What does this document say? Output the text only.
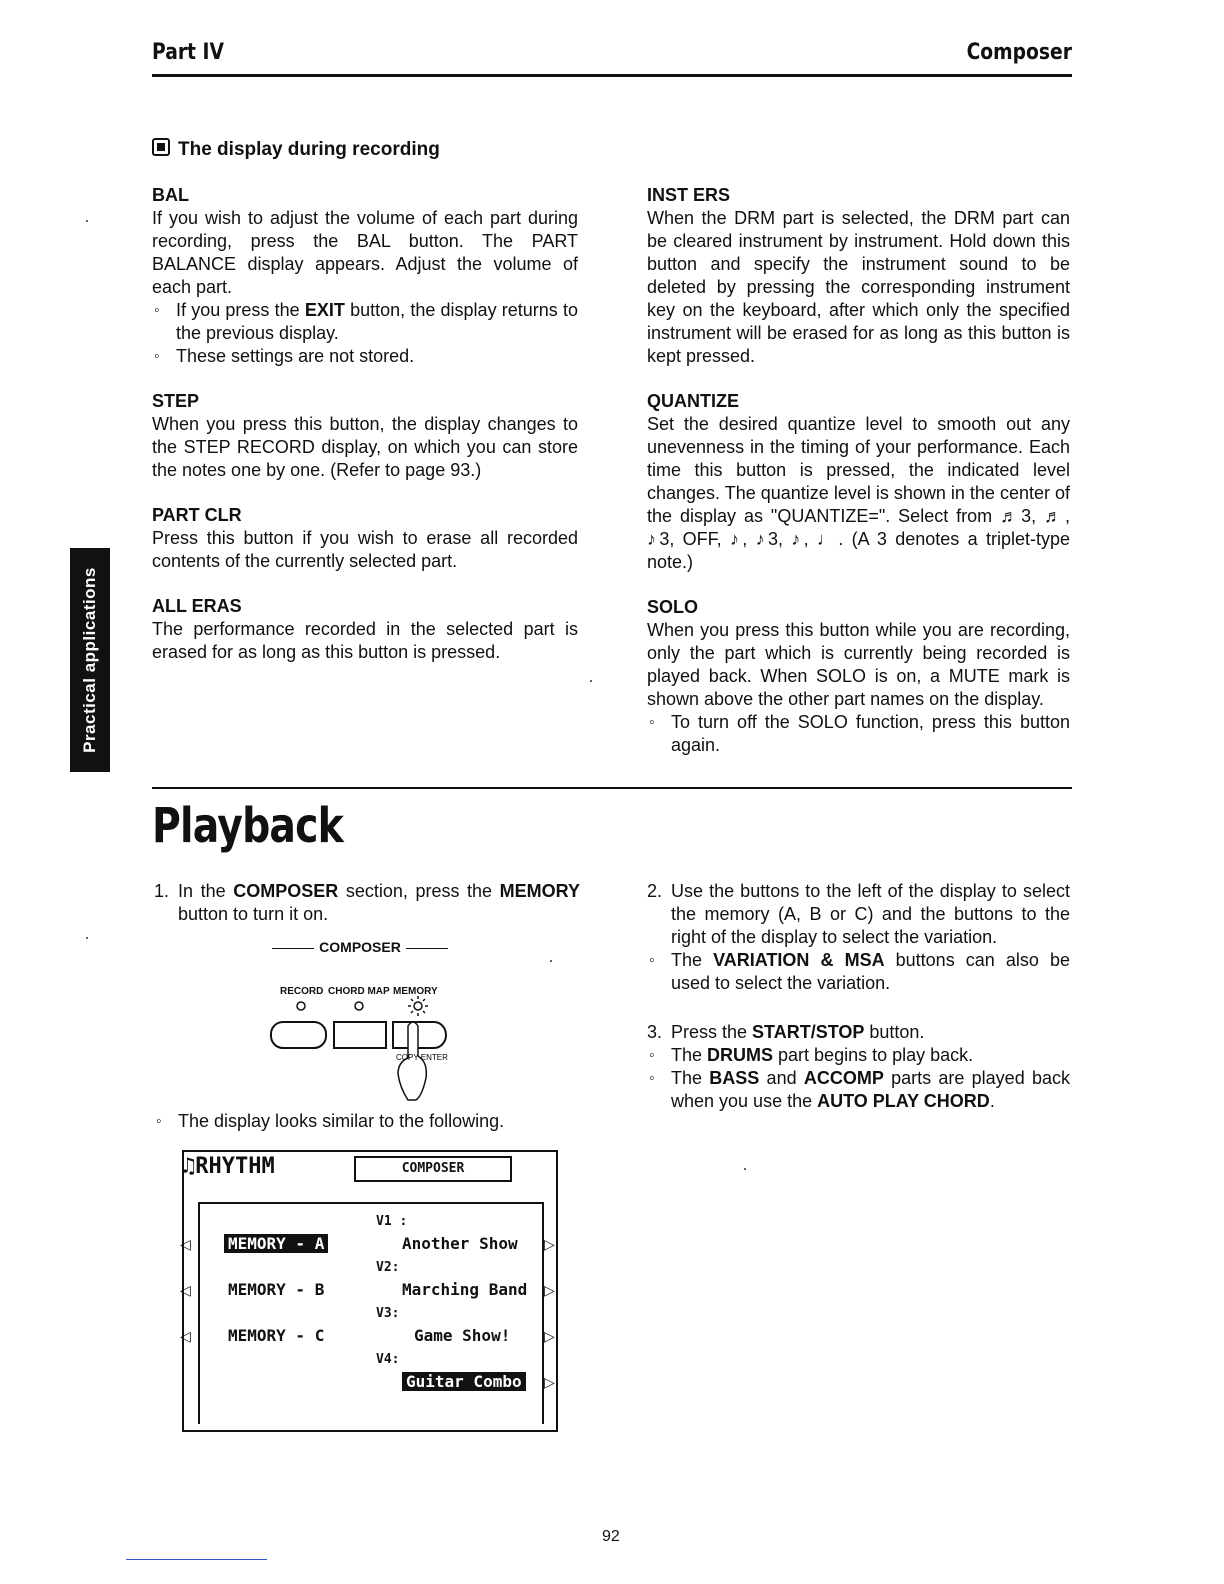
Part IV	Composer
Practical applications
The display during recording

BAL

If you wish to adjust the volume of each part during recording, press the BAL button. The PART BALANCE display appears. Adjust the volume of each part.

◦ If you press the EXIT button, the display returns to the previous display.

◦ These settings are not stored.

STEP

When you press this button, the display changes to the STEP RECORD display, on which you can store the notes one by one. (Refer to page 93.)

PART CLR

Press this button if you wish to erase all recorded contents of the currently selected part.

ALL ERAS

The performance recorded in the selected part is erased for as long as this button is pressed.

INST ERS

When the DRM part is selected, the DRM part can be cleared instrument by instrument. Hold down this button and specify the instrument sound to be deleted by pressing the corresponding instrument key on the keyboard, after which only the specified instrument will be erased for as long as this button is kept pressed.

QUANTIZE

Set the desired quantize level to smooth out any unevenness in the timing of your performance. Each time this button is pressed, the indicated level changes. The quantize level is shown in the center of the display as "QUANTIZE=". Select from ♬3, ♬, ♪3, OFF, ♪, ♪3, ♪, ♩. (A 3 denotes a triplet-type note.)

SOLO

When you press this button while you are recording, only the part which is currently being recorded is played back. When SOLO is on, a MUTE mark is shown above the other part names on the display.

◦ To turn off the SOLO function, press this button again.

Playback

1. In the COMPOSER section, press the MEMORY button to turn it on.

COMPOSER
RECORD CHORD MAP MEMORY
COPY ENTER

◦ The display looks similar to the following.

♫RHYTHM	COMPOSER
◁
◁
◁
MEMORY - A
MEMORY - B
MEMORY - C
V1 :
Another Show
V2:
Marching Band
V3:
Game Show!
V4:
Guitar Combo
▷
▷
▷
▷

2. Use the buttons to the left of the display to select the memory (A, B or C) and the buttons to the right of the display to select the variation.

◦ The VARIATION & MSA buttons can also be used to select the variation.

3. Press the START/STOP button.

◦ The DRUMS part begins to play back.

◦ The BASS and ACCOMP parts are played back when you use the AUTO PLAY CHORD.

92
